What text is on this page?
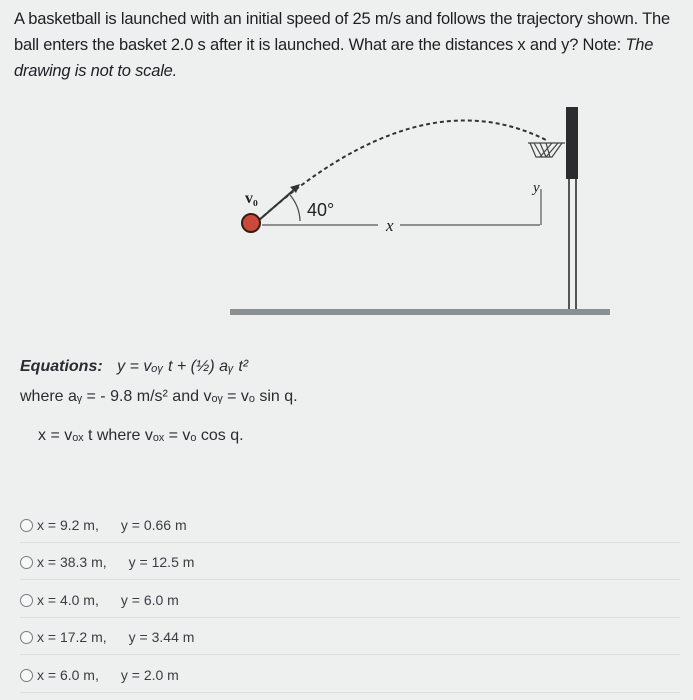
A basketball is launched with an initial speed of 25 m/s and follows the trajectory shown. The ball enters the basket 2.0 s after it is launched. What are the distances x and y? Note: The drawing is not to scale.
v₀
40°
x
y
Equations: y = vₒᵧ t + (½) aᵧ t²
where aᵧ = - 9.8 m/s² and vₒᵧ = vₒ sin q.
x = vₒₓ t where vₒₓ = vₒ cos q.
x = 9.2 m, y = 0.66 m
x = 38.3 m, y = 12.5 m
x = 4.0 m, y = 6.0 m
x = 17.2 m, y = 3.44 m
x = 6.0 m, y = 2.0 m
